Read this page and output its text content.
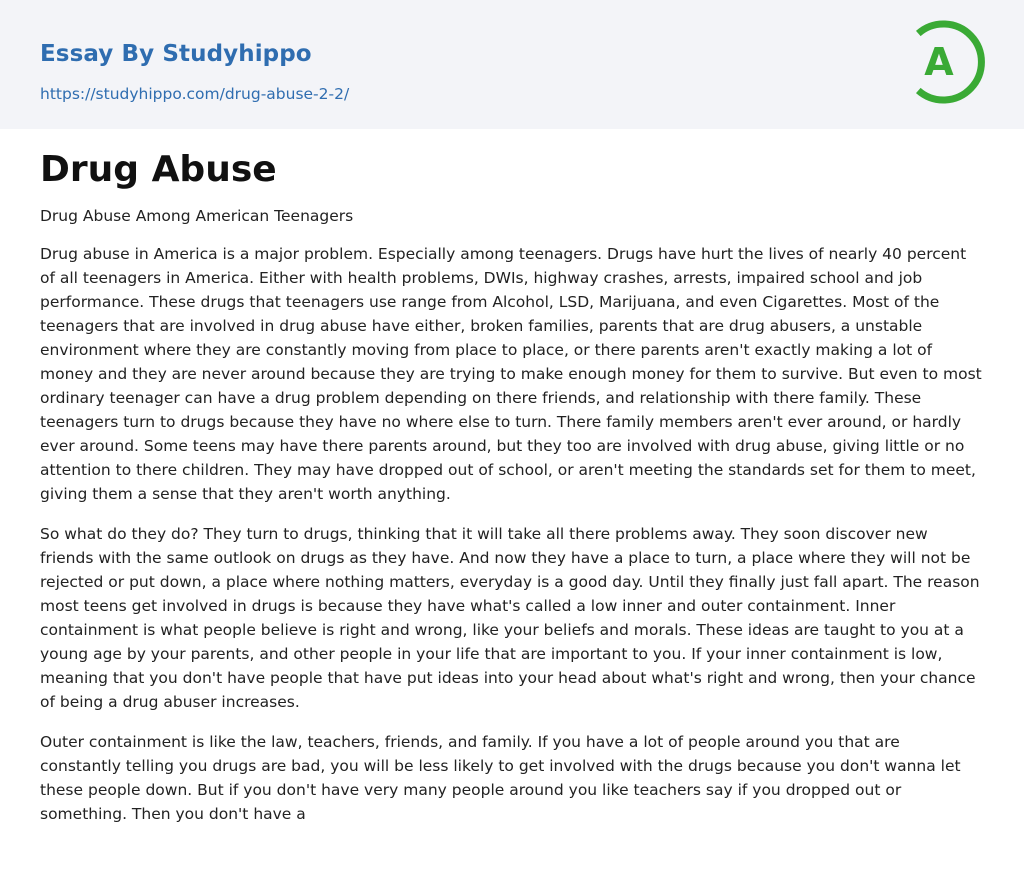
Essay By Studyhippo
https://studyhippo.com/drug-abuse-2-2/
A
Drug Abuse
Drug Abuse Among American Teenagers

Drug abuse in America is a major problem. Especially among teenagers. Drugs have hurt the lives of nearly 40 percent of all teenagers in America. Either with health problems, DWIs, highway crashes, arrests, impaired school and job performance. These drugs that teenagers use range from Alcohol, LSD, Marijuana, and even Cigarettes. Most of the teenagers that are involved in drug abuse have either, broken families, parents that are drug abusers, a unstable environment where they are constantly moving from place to place, or there parents aren't exactly making a lot of money and they are never around because they are trying to make enough money for them to survive. But even to most ordinary teenager can have a drug problem depending on there friends, and relationship with there family. These teenagers turn to drugs because they have no where else to turn. There family members aren't ever around, or hardly ever around. Some teens may have there parents around, but they too are involved with drug abuse, giving little or no attention to there children. They may have dropped out of school, or aren't meeting the standards set for them to meet, giving them a sense that they aren't worth anything.

So what do they do? They turn to drugs, thinking that it will take all there problems away. They soon discover new friends with the same outlook on drugs as they have. And now they have a place to turn, a place where they will not be rejected or put down, a place where nothing matters, everyday is a good day. Until they finally just fall apart. The reason most teens get involved in drugs is because they have what's called a low inner and outer containment. Inner containment is what people believe is right and wrong, like your beliefs and morals. These ideas are taught to you at a young age by your parents, and other people in your life that are important to you. If your inner containment is low, meaning that you don't have people that have put ideas into your head about what's right and wrong, then your chance of being a drug abuser increases.

Outer containment is like the law, teachers, friends, and family. If you have a lot of people around you that are constantly telling you drugs are bad, you will be less likely to get involved with the drugs because you don't wanna let these people down. But if you don't have very many people around you like teachers say if you dropped out or something. Then you don't have a
